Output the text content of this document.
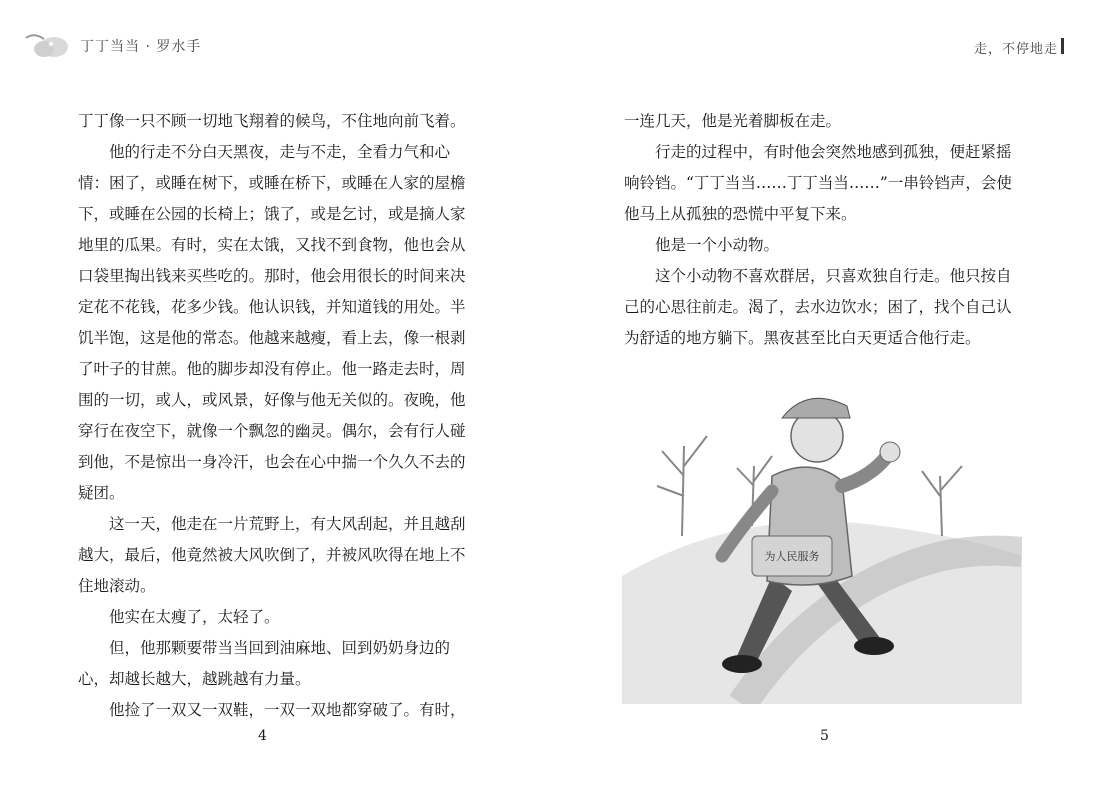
丁丁当当 · 罗水手	走，不停地走

丁丁像一只不顾一切地飞翔着的候鸟，不住地向前飞着。

他的行走不分白天黑夜，走与不走，全看力气和心情：困了，或睡在树下，或睡在桥下，或睡在人家的屋檐下，或睡在公园的长椅上；饿了，或是乞讨，或是摘人家地里的瓜果。有时，实在太饿，又找不到食物，他也会从口袋里掏出钱来买些吃的。那时，他会用很长的时间来决定花不花钱，花多少钱。他认识钱，并知道钱的用处。半饥半饱，这是他的常态。他越来越瘦，看上去，像一根剥了叶子的甘蔗。他的脚步却没有停止。他一路走去时，周围的一切，或人，或风景，好像与他无关似的。夜晚，他穿行在夜空下，就像一个飘忽的幽灵。偶尔，会有行人碰到他，不是惊出一身冷汗，也会在心中揣一个久久不去的疑团。

这一天，他走在一片荒野上，有大风刮起，并且越刮越大，最后，他竟然被大风吹倒了，并被风吹得在地上不住地滚动。

他实在太瘦了，太轻了。

但，他那颗要带当当回到油麻地、回到奶奶身边的心，却越长越大，越跳越有力量。

他捡了一双又一双鞋，一双一双地都穿破了。有时，

一连几天，他是光着脚板在走。

行走的过程中，有时他会突然地感到孤独，便赶紧摇响铃铛。“丁丁当当……丁丁当当……”一串铃铛声，会使他马上从孤独的恐慌中平复下来。

他是一个小动物。

这个小动物不喜欢群居，只喜欢独自行走。他只按自己的心思往前走。渴了，去水边饮水；困了，找个自己认为舒适的地方躺下。黑夜甚至比白天更适合他行走。

为人民服务
4	5
